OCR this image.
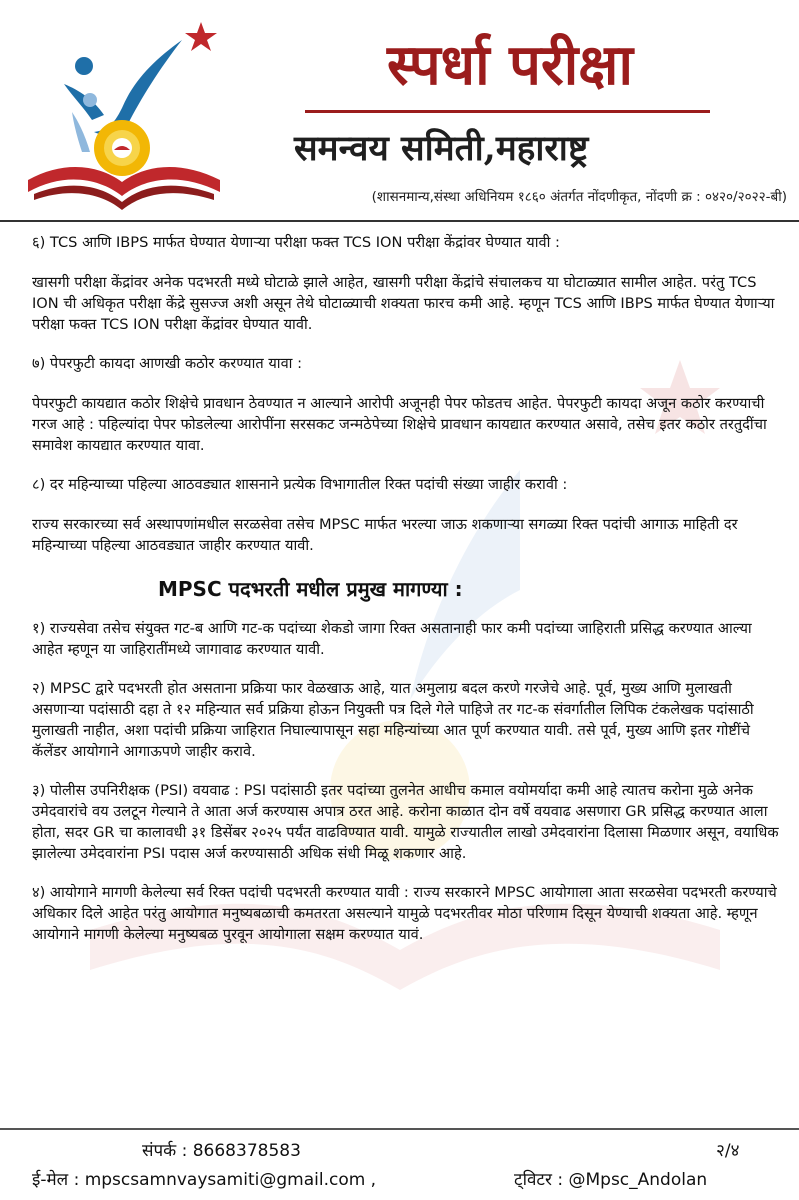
स्पर्धा परीक्षा
समन्वय समिती,महाराष्ट्र
(शासनमान्य,संस्था अधिनियम १८६० अंतर्गत नोंदणीकृत, नोंदणी क्र : ०४२०/२०२२-बी)
६) TCS आणि IBPS मार्फत घेण्यात येणाऱ्या परीक्षा फक्त TCS ION परीक्षा केंद्रांवर घेण्यात यावी :
खासगी परीक्षा केंद्रांवर अनेक पदभरती मध्ये घोटाळे झाले आहेत, खासगी परीक्षा केंद्रांचे संचालकच या घोटाळ्यात सामील आहेत. परंतु TCS ION ची अधिकृत परीक्षा केंद्रे सुसज्ज अशी असून तेथे घोटाळ्याची शक्यता फारच कमी आहे. म्हणून TCS आणि IBPS मार्फत घेण्यात येणाऱ्या परीक्षा फक्त TCS ION परीक्षा केंद्रांवर घेण्यात यावी.
७) पेपरफुटी कायदा आणखी कठोर करण्यात यावा :
पेपरफुटी कायद्यात कठोर शिक्षेचे प्रावधान ठेवण्यात न आल्याने आरोपी अजूनही पेपर फोडतच आहेत. पेपरफुटी कायदा अजून कठोर करण्याची गरज आहे : पहिल्यांदा पेपर फोडलेल्या आरोपींना सरसकट जन्मठेपेच्या शिक्षेचे प्रावधान कायद्यात करण्यात असावे, तसेच इतर कठोर तरतुदींचा समावेश कायद्यात करण्यात यावा.
८) दर महिन्याच्या पहिल्या आठवड्यात शासनाने प्रत्येक विभागातील रिक्त पदांची संख्या जाहीर करावी :
राज्य सरकारच्या सर्व अस्थापणांमधील सरळसेवा तसेच MPSC मार्फत भरल्या जाऊ शकणाऱ्या सगळ्या रिक्त पदांची आगाऊ माहिती दर महिन्याच्या पहिल्या आठवड्यात जाहीर करण्यात यावी.
MPSC पदभरती मधील प्रमुख मागण्या :
१) राज्यसेवा तसेच संयुक्त गट-ब आणि गट-क पदांच्या शेकडो जागा रिक्त असतानाही फार कमी पदांच्या जाहिराती प्रसिद्ध करण्यात आल्या आहेत म्हणून या जाहिरातींमध्ये जागावाढ करण्यात यावी.
२) MPSC द्वारे पदभरती होत असताना प्रक्रिया फार वेळखाऊ आहे, यात अमुलाग्र बदल करणे गरजेचे आहे. पूर्व, मुख्य आणि मुलाखती असणाऱ्या पदांसाठी दहा ते १२ महिन्यात सर्व प्रक्रिया होऊन नियुक्ती पत्र दिले गेले पाहिजे तर गट-क संवर्गातील लिपिक टंकलेखक पदांसाठी मुलाखती नाहीत, अशा पदांची प्रक्रिया जाहिरात निघाल्यापासून सहा महिन्यांच्या आत पूर्ण करण्यात यावी. तसे पूर्व, मुख्य आणि इतर गोष्टींचे कॅलेंडर आयोगाने आगाऊपणे जाहीर करावे.
३) पोलीस उपनिरीक्षक (PSI) वयवाढ : PSI पदांसाठी इतर पदांच्या तुलनेत आधीच कमाल वयोमर्यादा कमी आहे त्यातच करोना मुळे अनेक उमेदवारांचे वय उलटून गेल्याने ते आता अर्ज करण्यास अपात्र ठरत आहे. करोना काळात दोन वर्षे वयवाढ असणारा GR प्रसिद्ध करण्यात आला होता, सदर GR चा कालावधी ३१ डिसेंबर २०२५ पर्यंत वाढविण्यात यावी. यामुळे राज्यातील लाखो उमेदवारांना दिलासा मिळणार असून, वयाधिक झालेल्या उमेदवारांना PSI पदास अर्ज करण्यासाठी अधिक संधी मिळू शकणार आहे.
४) आयोगाने मागणी केलेल्या सर्व रिक्त पदांची पदभरती करण्यात यावी : राज्य सरकारने MPSC आयोगाला आता सरळसेवा पदभरती करण्याचे अधिकार दिले आहेत परंतु आयोगात मनुष्यबळाची कमतरता असल्याने यामुळे पदभरतीवर मोठा परिणाम दिसून येण्याची शक्यता आहे. म्हणून आयोगाने मागणी केलेल्या मनुष्यबळ पुरवून आयोगाला सक्षम करण्यात यावं.
संपर्क : 8668378583	२/४
ई-मेल : mpscsamnvaysamiti@gmail.com ,	ट्विटर : @Mpsc_Andolan
